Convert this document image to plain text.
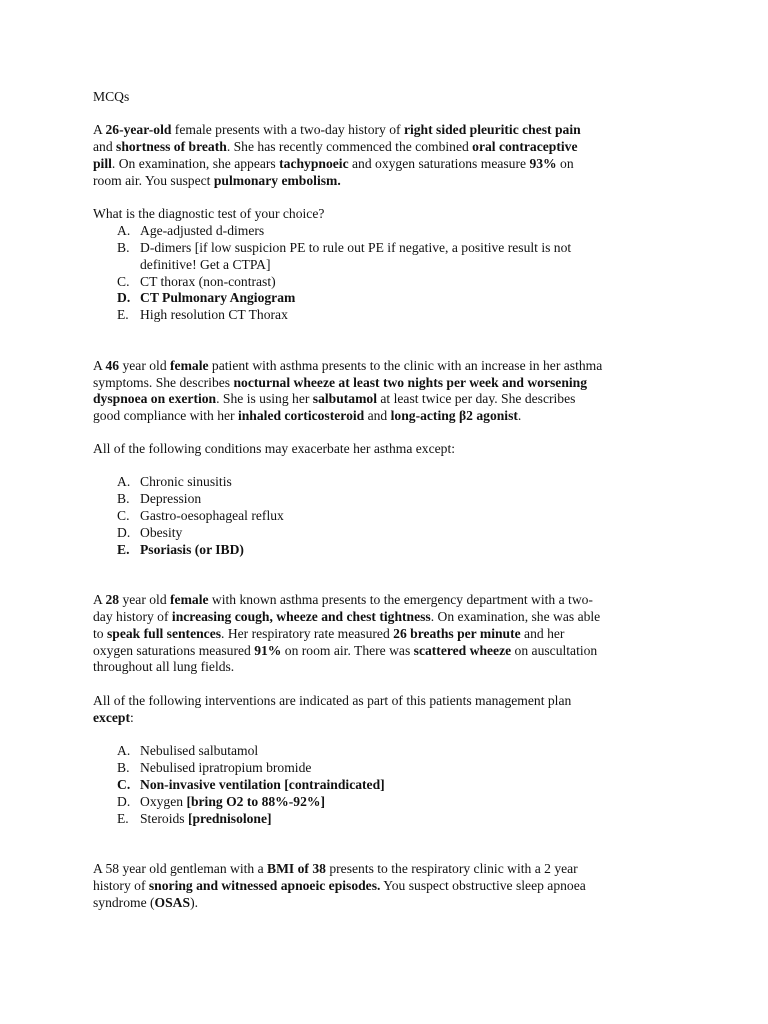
MCQs
A 26-year-old female presents with a two-day history of right sided pleuritic chest pain
and shortness of breath. She has recently commenced the combined oral contraceptive
pill. On examination, she appears tachypnoeic and oxygen saturations measure 93% on
room air. You suspect pulmonary embolism.
What is the diagnostic test of your choice?
A. Age-adjusted d-dimers
B. D-dimers [if low suspicion PE to rule out PE if negative, a positive result is not
definitive! Get a CTPA]
C. CT thorax (non-contrast)
D. CT Pulmonary Angiogram
E. High resolution CT Thorax
A 46 year old female patient with asthma presents to the clinic with an increase in her asthma
symptoms. She describes nocturnal wheeze at least two nights per week and worsening
dyspnoea on exertion. She is using her salbutamol at least twice per day. She describes
good compliance with her inhaled corticosteroid and long-acting β2 agonist.
All of the following conditions may exacerbate her asthma except:
A. Chronic sinusitis
B. Depression
C. Gastro-oesophageal reflux
D. Obesity
E. Psoriasis (or IBD)
A 28 year old female with known asthma presents to the emergency department with a two-
day history of increasing cough, wheeze and chest tightness. On examination, she was able
to speak full sentences. Her respiratory rate measured 26 breaths per minute and her
oxygen saturations measured 91% on room air. There was scattered wheeze on auscultation
throughout all lung fields.
All of the following interventions are indicated as part of this patients management plan
except:
A. Nebulised salbutamol
B. Nebulised ipratropium bromide
C. Non-invasive ventilation [contraindicated]
D. Oxygen [bring O2 to 88%-92%]
E. Steroids [prednisolone]
A 58 year old gentleman with a BMI of 38 presents to the respiratory clinic with a 2 year
history of snoring and witnessed apnoeic episodes. You suspect obstructive sleep apnoea
syndrome (OSAS).
